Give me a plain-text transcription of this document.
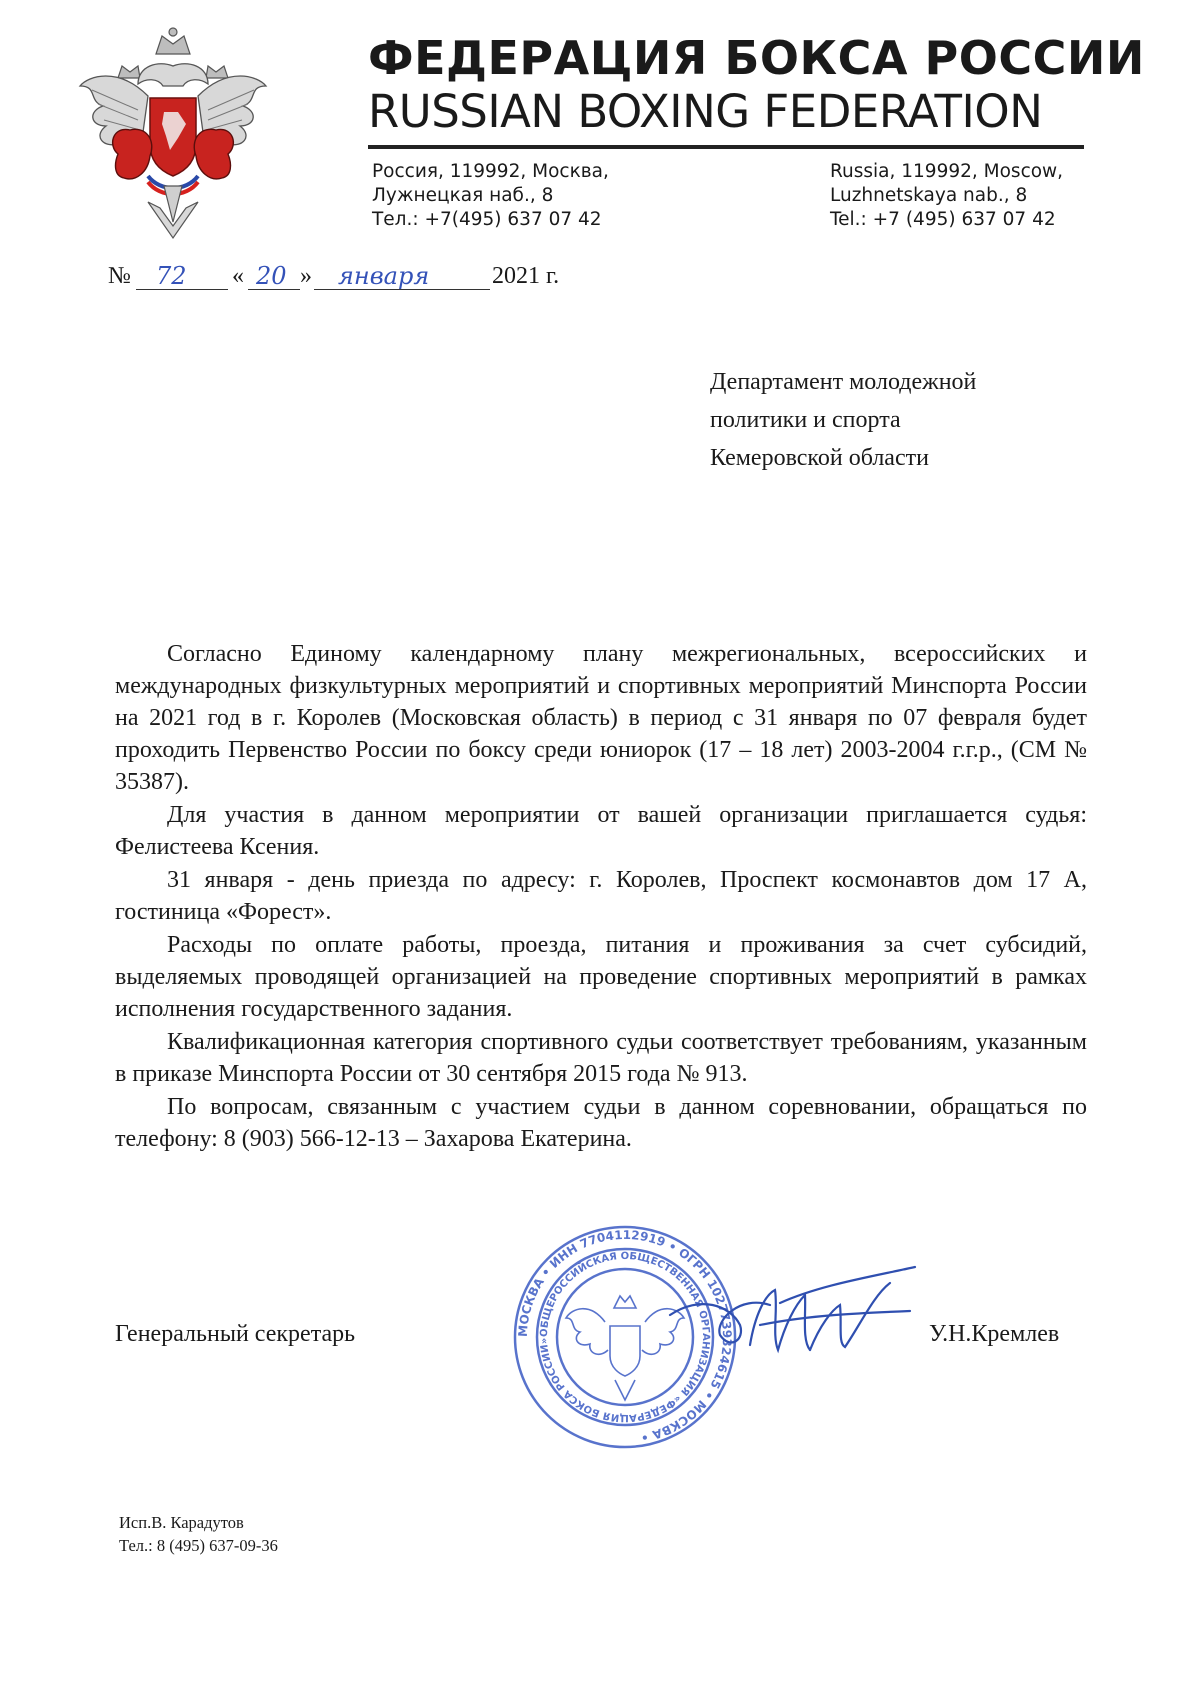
ФЕДЕРАЦИЯ БОКСА РОССИИ
RUSSIAN BOXING FEDERATION
Россия, 119992, Москва,
Лужнецкая наб., 8
Тел.: +7(495) 637 07 42
Russia, 119992, Moscow,
Luzhnetskaya nab., 8
Tel.: +7 (495) 637 07 42
№ 72 « 20 » января	2021 г.
Департамент молодежной
политики и спорта
Кемеровской области

Согласно Единому календарному плану межрегиональных, всероссийских и международных физкультурных мероприятий и спортивных мероприятий Минспорта России на 2021 год в г. Королев (Московская область) в период с 31 января по 07 февраля будет проходить Первенство России по боксу среди юниорок (17 – 18 лет) 2003-2004 г.г.р., (СМ № 35387).

Для участия в данном мероприятии от вашей организации приглашается судья: Фелистеева Ксения.

31 января - день приезда по адресу: г. Королев, Проспект космонавтов дом 17 А, гостиница «Форест».

Расходы по оплате работы, проезда, питания и проживания за счет субсидий, выделяемых проводящей организацией на проведение спортивных мероприятий в рамках исполнения государственного задания.

Квалификационная категория спортивного судьи соответствует требованиям, указанным в приказе Минспорта России от 30 сентября 2015 года № 913.

По вопросам, связанным с участием судьи в данном соревновании, обращаться по телефону: 8 (903) 566-12-13 – Захарова Екатерина.

МОСКВА • ИНН 7704112919 • ОГРН 1027739324615 • МОСКВА •
ОБЩЕРОССИЙСКАЯ ОБЩЕСТВЕННАЯ ОРГАНИЗАЦИЯ «ФЕДЕРАЦИЯ БОКСА РОССИИ»
Генеральный секретарь	У.Н.Кремлев
Исп.В. Карадутов
Тел.: 8 (495) 637-09-36
